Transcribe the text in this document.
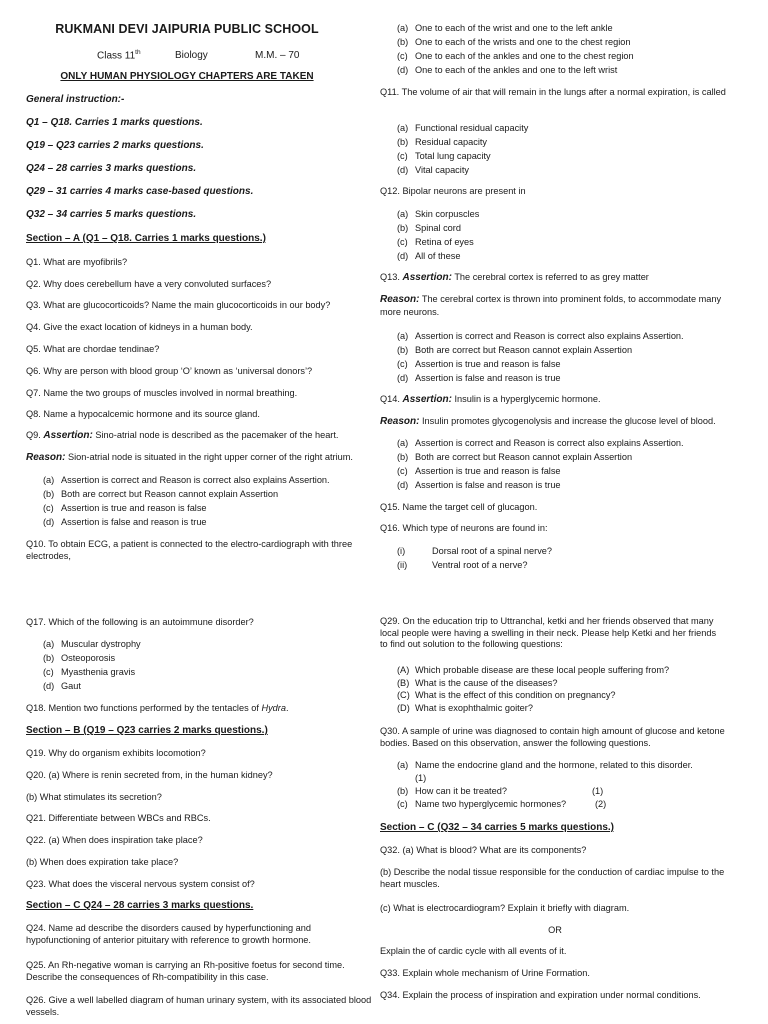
RUKMANI DEVI JAIPURIA PUBLIC SCHOOL
Class 11th	Biology	M.M. – 70
ONLY HUMAN PHYSIOLOGY CHAPTERS ARE TAKEN
General instruction:-
Q1 – Q18. Carries 1 marks questions.
Q19 – Q23 carries 2 marks questions.
Q24 – 28 carries 3 marks questions.
Q29 – 31 carries 4 marks case-based questions.
Q32 – 34 carries 5 marks questions.
Section – A (Q1 – Q18. Carries 1 marks questions.)
Q1. What are myofibrils?
Q2. Why does cerebellum have a very convoluted surfaces?
Q3. What are glucocorticoids? Name the main glucocorticoids in our body?
Q4. Give the exact location of kidneys in a human body.
Q5. What are chordae tendinae?
Q6. Why are person with blood group ‘O’ known as ‘universal donors’?
Q7. Name the two groups of muscles involved in normal breathing.
Q8. Name a hypocalcemic hormone and its source gland.
Q9. Assertion: Sino-atrial node is described as the pacemaker of the heart.
Reason: Sion-atrial node is situated in the right upper corner of the right atrium.
(a) Assertion is correct and Reason is correct also explains Assertion.
(b) Both are correct but Reason cannot explain Assertion
(c) Assertion is true and reason is false
(d) Assertion is false and reason is true
Q10. To obtain ECG, a patient is connected to the electro-cardiograph with three electrodes,
(a) One to each of the wrist and one to the left ankle
(b) One to each of the wrists and one to the chest region
(c) One to each of the ankles and one to the chest region
(d) One to each of the ankles and one to the left wrist
Q11. The volume of air that will remain in the lungs after a normal expiration, is called
(a) Functional residual capacity
(b) Residual capacity
(c) Total lung capacity
(d) Vital capacity
Q12. Bipolar neurons are present in
(a) Skin corpuscles
(b) Spinal cord
(c) Retina of eyes
(d) All of these
Q13. Assertion: The cerebral cortex is referred to as grey matter
Reason: The cerebral cortex is thrown into prominent folds, to accommodate many more neurons.
(a) Assertion is correct and Reason is correct also explains Assertion.
(b) Both are correct but Reason cannot explain Assertion
(c) Assertion is true and reason is false
(d) Assertion is false and reason is true
Q14. Assertion: Insulin is a hyperglycemic hormone.
Reason: Insulin promotes glycogenolysis and increase the glucose level of blood.
(a) Assertion is correct and Reason is correct also explains Assertion.
(b) Both are correct but Reason cannot explain Assertion
(c) Assertion is true and reason is false
(d) Assertion is false and reason is true
Q15. Name the target cell of glucagon.
Q16. Which type of neurons are found in:
(i)	Dorsal root of a spinal nerve?
(ii)	Ventral root of a nerve?
Q17. Which of the following is an autoimmune disorder?
(a) Muscular dystrophy
(b) Osteoporosis
(c) Myasthenia gravis
(d) Gaut
Q18. Mention two functions performed by the tentacles of Hydra.
Section – B (Q19 – Q23 carries 2 marks questions.)
Q19. Why do organism exhibits locomotion?
Q20. (a) Where is renin secreted from, in the human kidney?
(b) What stimulates its secretion?
Q21. Differentiate between WBCs and RBCs.
Q22. (a) When does inspiration take place?
(b) When does expiration take place?
Q23. What does the visceral nervous system consist of?
Section – C Q24 – 28 carries 3 marks questions.
Q24. Name ad describe the disorders caused by hyperfunctioning and hypofunctioning of anterior pituitary with reference to growth hormone.
Q25. An Rh-negative woman is carrying an Rh-positive foetus for second time. Describe the consequences of Rh-compatibility in this case.
Q26. Give a well labelled diagram of human urinary system, with its associated blood vessels.
Q29. On the education trip to Uttranchal, ketki and her friends observed that many local people were having a swelling in their neck. Please help Ketki and her friends to find out solution to the following questions:
(A) Which probable disease are these local people suffering from?
(B) What is the cause of the diseases?
(C) What is the effect of this condition on pregnancy?
(D) What is exophthalmic goiter?
Q30. A sample of urine was diagnosed to contain high amount of glucose and ketone bodies. Based on this observation, answer the following questions.
(a) Name the endocrine gland and the hormone, related to this disorder.
(1)
(b) How can it be treated?	(1)
(c) Name two hyperglycemic hormones?	(2)
Section – C (Q32 – 34 carries 5 marks questions.)
Q32. (a) What is blood? What are its components?
(b) Describe the nodal tissue responsible for the conduction of cardiac impulse to the heart muscles.
(c) What is electrocardiogram? Explain it briefly with diagram.
OR
Explain the of cardic cycle with all events of it.
Q33. Explain whole mechanism of Urine Formation.
Q34. Explain the process of inspiration and expiration under normal conditions.
